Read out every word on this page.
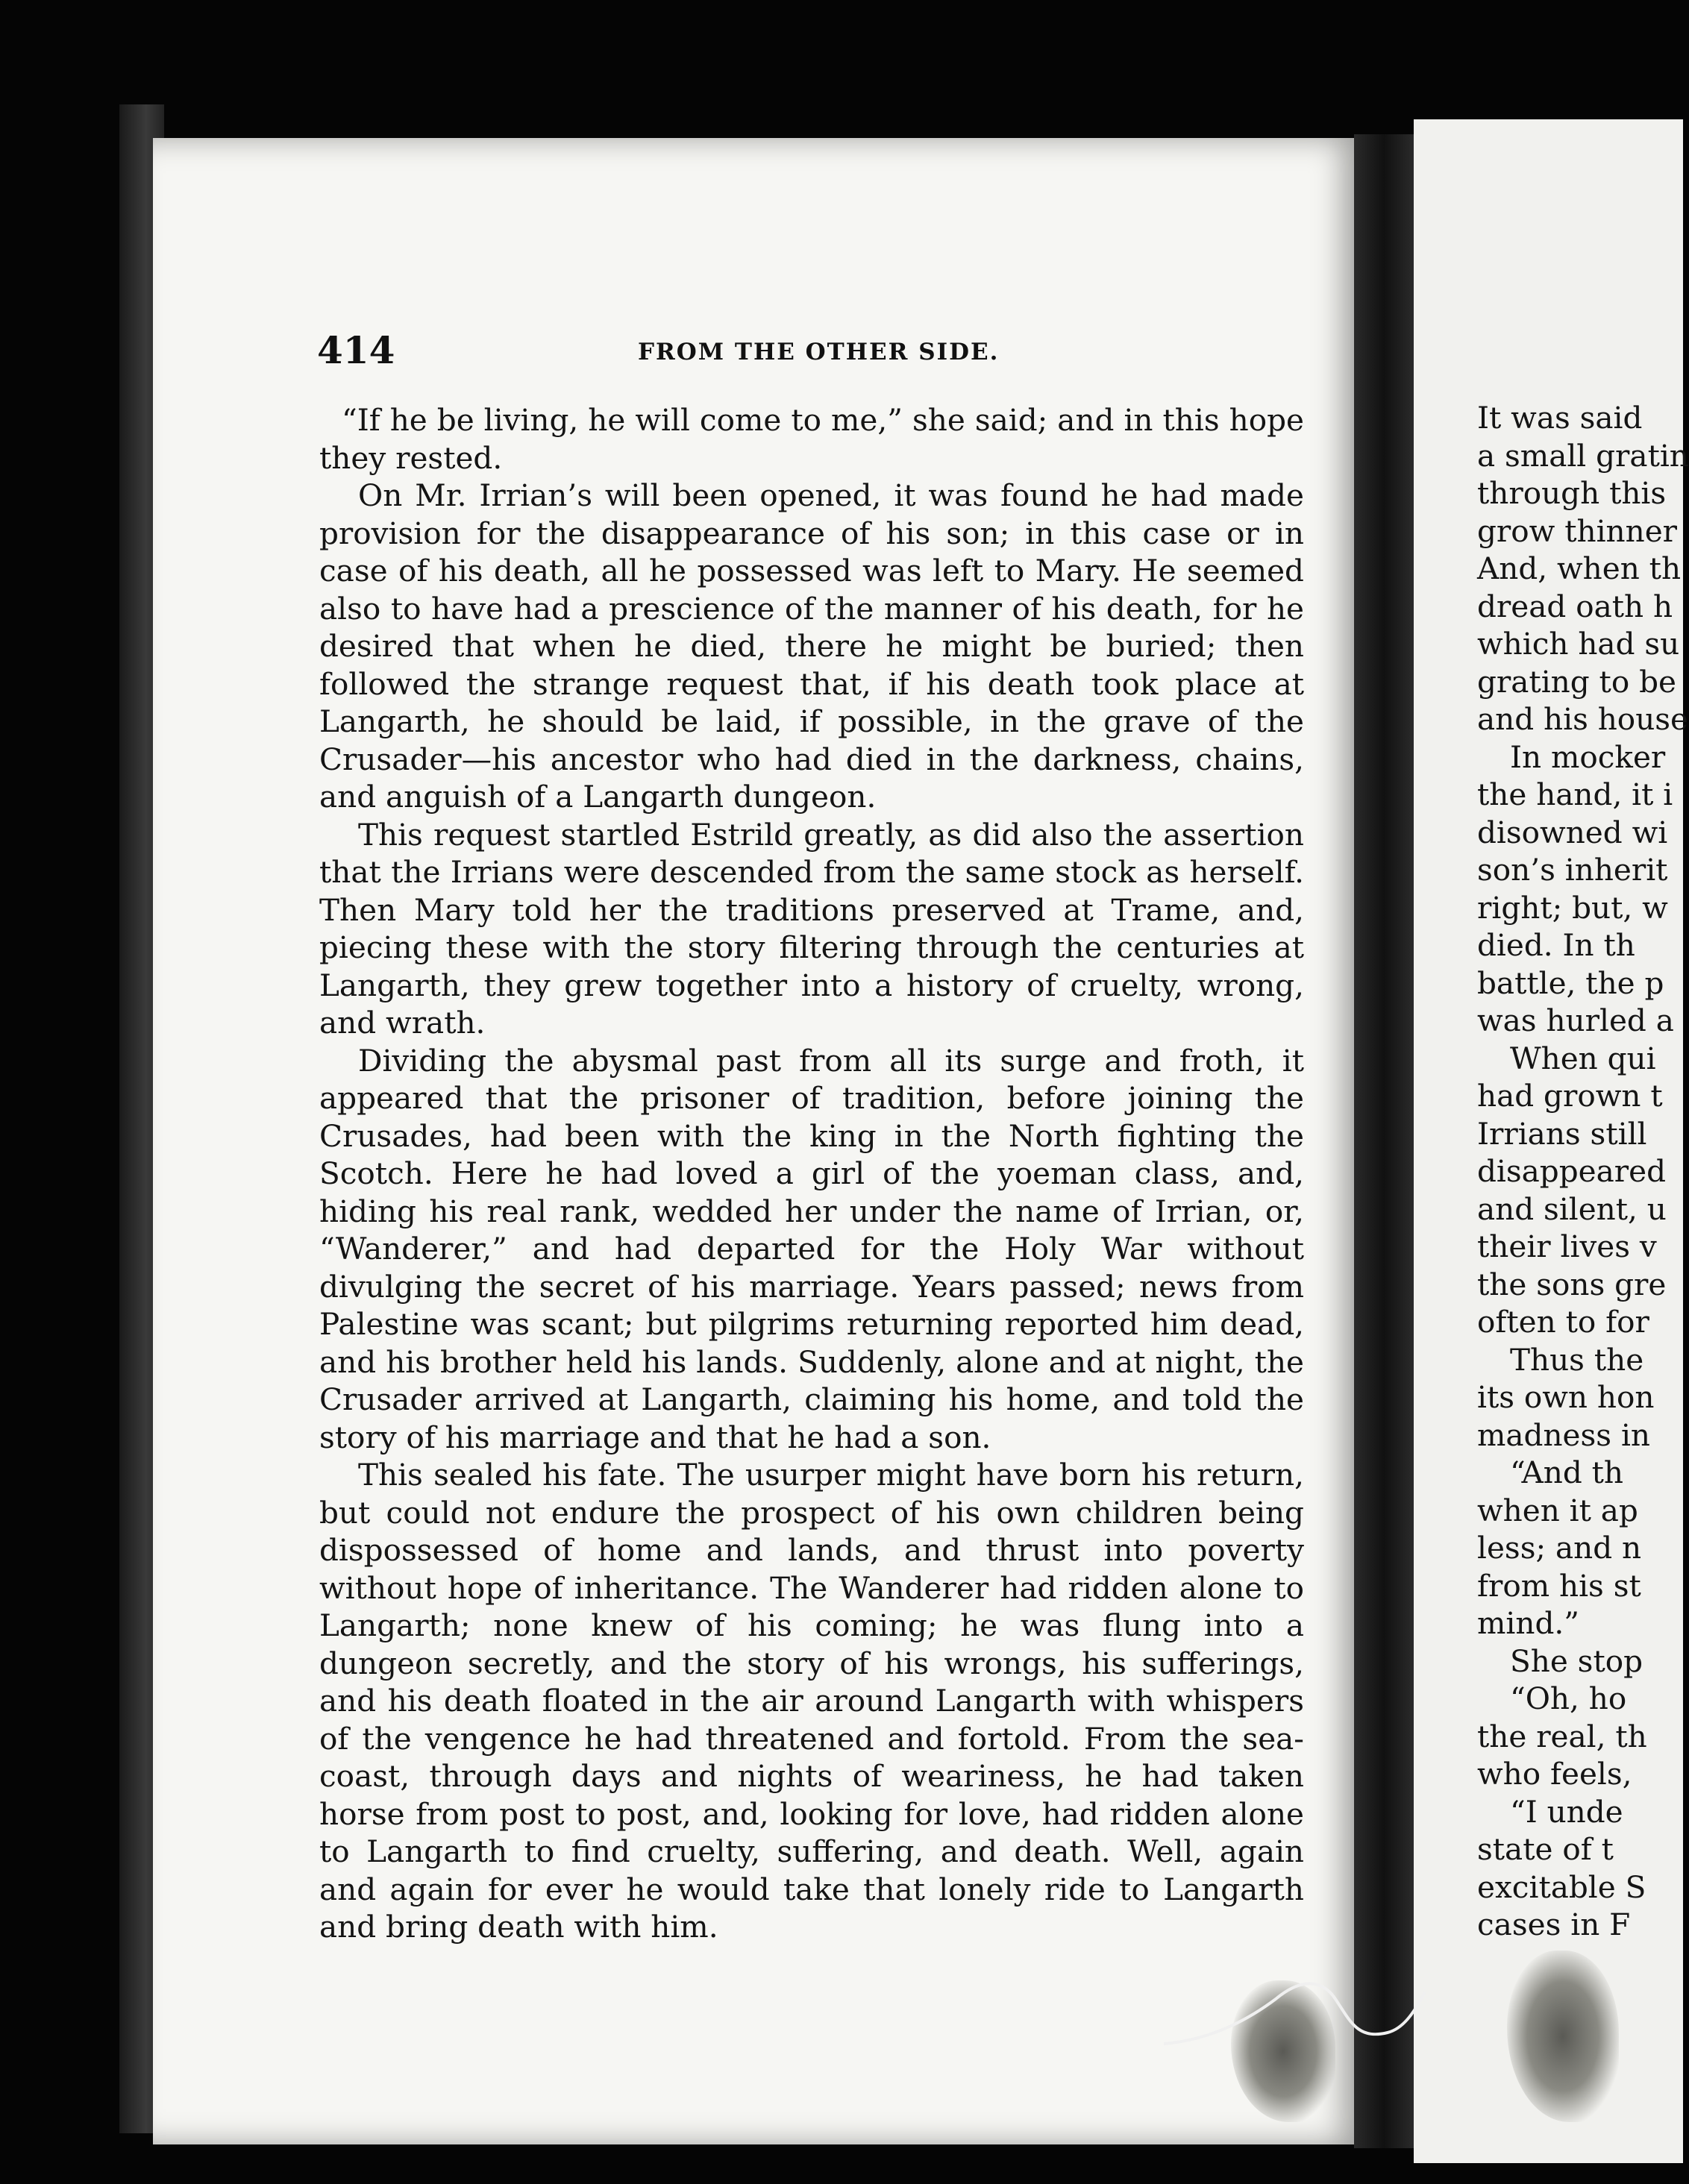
414	FROM THE OTHER SIDE.

“If he be living, he will come to me,” she said; and in this hope they rested.

On Mr. Irrian’s will been opened, it was found he had made provision for the disappearance of his son; in this case or in case of his death, all he possessed was left to Mary. He seemed also to have had a prescience of the manner of his death, for he desired that when he died, there he might be buried; then followed the strange request that, if his death took place at Langarth, he should be laid, if possible, in the grave of the Crusader—his ancestor who had died in the darkness, chains, and anguish of a Langarth dungeon.

This request startled Estrild greatly, as did also the assertion that the Irrians were descended from the same stock as herself. Then Mary told her the traditions preserved at Trame, and, piecing these with the story filtering through the centuries at Langarth, they grew together into a history of cruelty, wrong, and wrath.

Dividing the abysmal past from all its surge and froth, it appeared that the prisoner of tradition, before joining the Crusades, had been with the king in the North fighting the Scotch. Here he had loved a girl of the yoeman class, and, hiding his real rank, wedded her under the name of Irrian, or, “Wanderer,” and had departed for the Holy War without divulging the secret of his marriage. Years passed; news from Palestine was scant; but pilgrims returning reported him dead, and his brother held his lands. Suddenly, alone and at night, the Crusader arrived at Langarth, claiming his home, and told the story of his marriage and that he had a son.

This sealed his fate. The usurper might have born his return, but could not endure the prospect of his own children being dispossessed of home and lands, and thrust into poverty without hope of inheritance. The Wanderer had ridden alone to Langarth; none knew of his coming; he was flung into a dungeon secretly, and the story of his wrongs, his sufferings, and his death floated in the air around Langarth with whispers of the vengence he had threatened and fortold. From the sea-coast, through days and nights of weariness, he had taken horse from post to post, and, looking for love, had ridden alone to Langarth to find cruelty, suffering, and death. Well, again and again for ever he would take that lonely ride to Langarth and bring death with him.

It was said
a small gratin
through this
grow thinner
And, when th
dread oath h
which had su
grating to be
and his house
In mocker
the hand, it i
disowned wi
son’s inherit
right; but, w
died. In th
battle, the p
was hurled a
When qui
had grown t
Irrians still
disappeared
and silent, u
their lives v
the sons gre
often to for
Thus the
its own hon
madness in
“And th
when it ap
less; and n
from his st
mind.”
She stop
“Oh, ho
the real, th
who feels,
“I unde
state of t
excitable S
cases in F
